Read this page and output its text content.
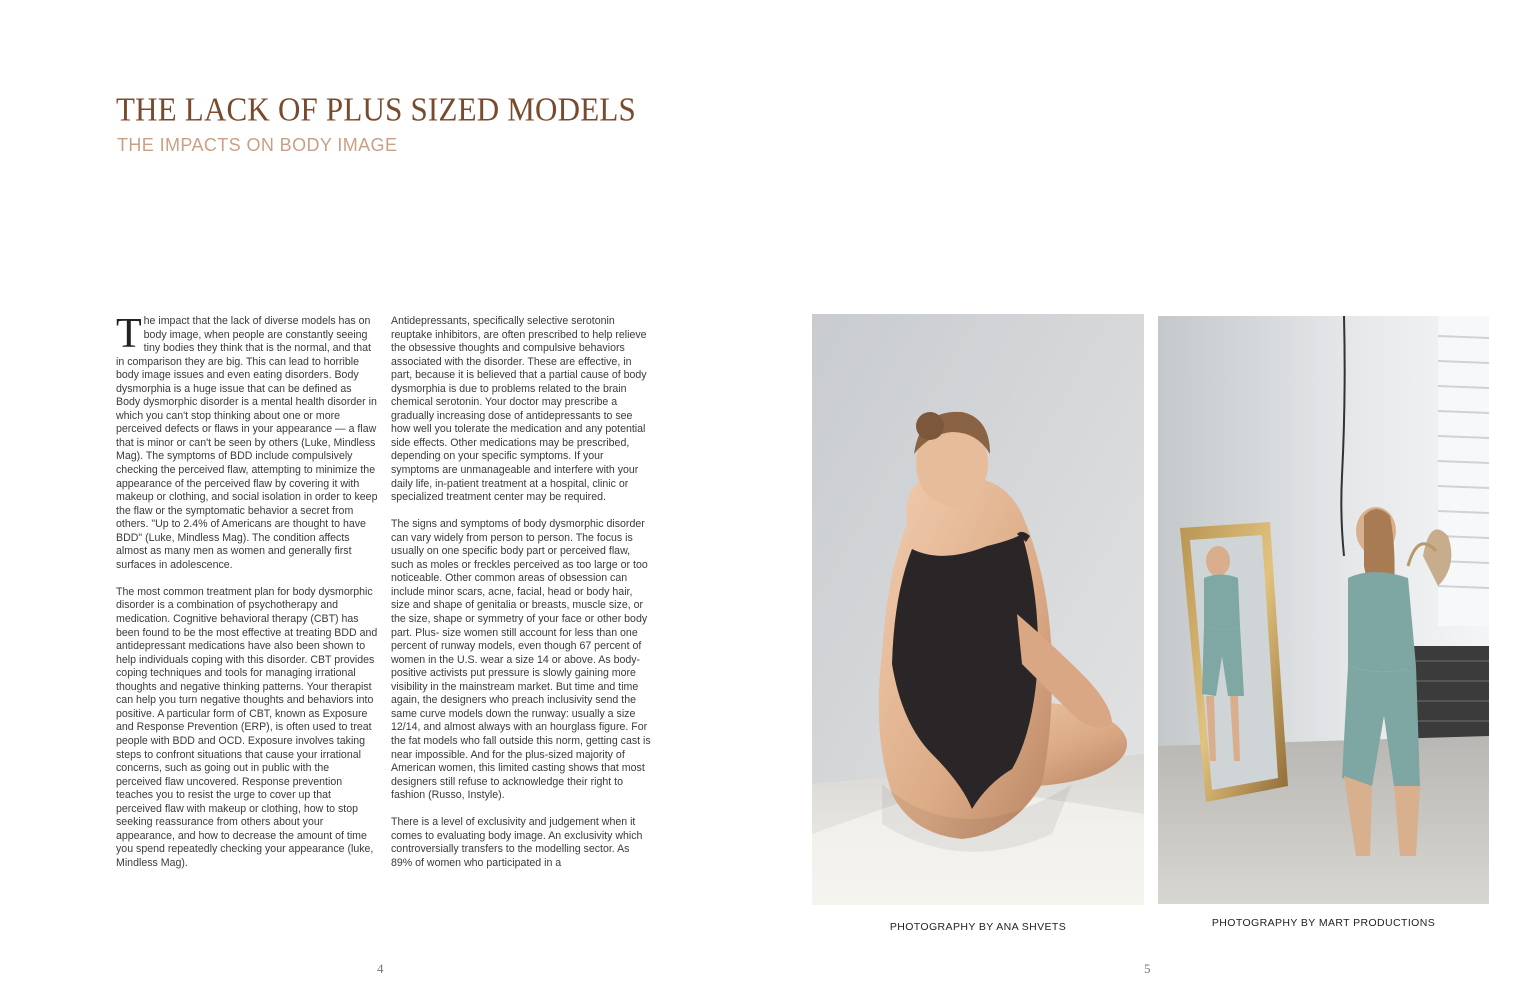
THE LACK OF PLUS SIZED MODELS
THE IMPACTS ON BODY IMAGE

The impact that the lack of diverse models has on body image, when people are constantly seeing tiny bodies they think that is the normal, and that in comparison they are big. This can lead to horrible body image issues and even eating disorders. Body dysmorphia is a huge issue that can be defined as Body dysmorphic disorder is a mental health disorder in which you can't stop thinking about one or more perceived defects or flaws in your appearance — a flaw that is minor or can't be seen by others (Luke, Mindless Mag). The symptoms of BDD include compulsively checking the perceived flaw, attempting to minimize the appearance of the perceived flaw by covering it with makeup or clothing, and social isolation in order to keep the flaw or the symptomatic behavior a secret from others. "Up to 2.4% of Americans are thought to have BDD" (Luke, Mindless Mag). The condition affects almost as many men as women and generally first surfaces in adolescence.

The most common treatment plan for body dysmorphic disorder is a combination of psychotherapy and medication. Cognitive behavioral therapy (CBT) has been found to be the most effective at treating BDD and antidepressant medications have also been shown to help individuals coping with this disorder. CBT provides coping techniques and tools for managing irrational thoughts and negative thinking patterns. Your therapist can help you turn negative thoughts and behaviors into positive. A particular form of CBT, known as Exposure and Response Prevention (ERP), is often used to treat people with BDD and OCD. Exposure involves taking steps to confront situations that cause your irrational concerns, such as going out in public with the perceived flaw uncovered. Response prevention teaches you to resist the urge to cover up that perceived flaw with makeup or clothing, how to stop seeking reassurance from others about your appearance, and how to decrease the amount of time you spend repeatedly checking your appearance (luke, Mindless Mag).

Antidepressants, specifically selective serotonin reuptake inhibitors, are often prescribed to help relieve the obsessive thoughts and compulsive behaviors associated with the disorder. These are effective, in part, because it is believed that a partial cause of body dysmorphia is due to problems related to the brain chemical serotonin. Your doctor may prescribe a gradually increasing dose of antidepressants to see how well you tolerate the medication and any potential side effects. Other medications may be prescribed, depending on your specific symptoms. If your symptoms are unmanageable and interfere with your daily life, in-patient treatment at a hospital, clinic or specialized treatment center may be required.

The signs and symptoms of body dysmorphic disorder can vary widely from person to person. The focus is usually on one specific body part or perceived flaw, such as moles or freckles perceived as too large or too noticeable. Other common areas of obsession can include minor scars, acne, facial, head or body hair, size and shape of genitalia or breasts, muscle size, or the size, shape or symmetry of your face or other body part. Plus- size women still account for less than one percent of runway models, even though 67 percent of women in the U.S. wear a size 14 or above. As body-positive activists put pressure is slowly gaining more visibility in the mainstream market. But time and time again, the designers who preach inclusivity send the same curve models down the runway: usually a size 12/14, and almost always with an hourglass figure. For the fat models who fall outside this norm, getting cast is near impossible. And for the plus-sized majority of American women, this limited casting shows that most designers still refuse to acknowledge their right to fashion (Russo, Instyle).

There is a level of exclusivity and judgement when it comes to evaluating body image. An exclusivity which controversially transfers to the modelling sector. As 89% of women who participated in a

PHOTOGRAPHY BY ANA SHVETS	PHOTOGRAPHY BY MART PRODUCTIONS
4	5
